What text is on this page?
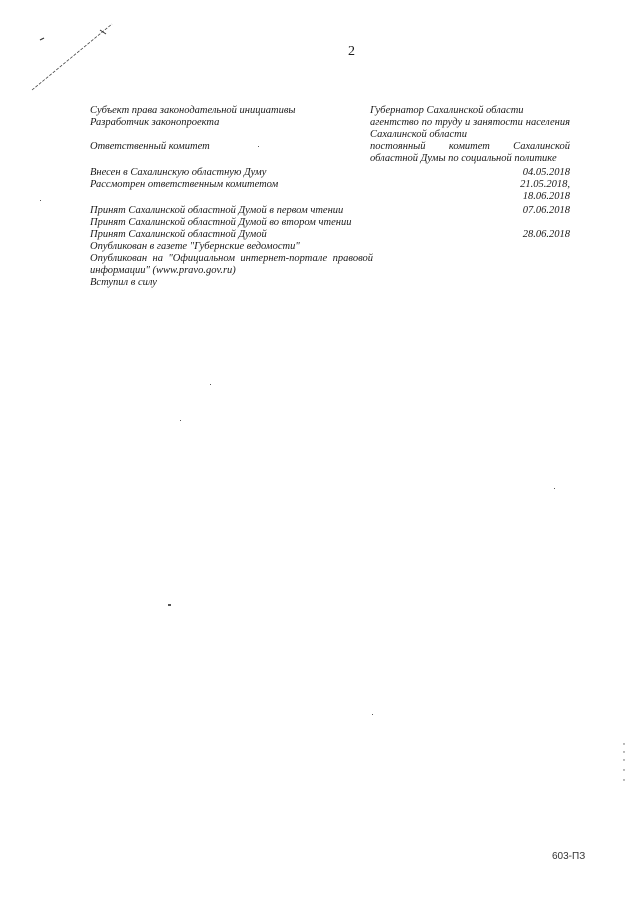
2
Субъект права законодательной инициативы	Губернатор Сахалинской области
Разработчик законопроекта	агентство по труду и занятости населения Сахалинской области
Ответственный комитет	постоянный комитет Сахалинской областной Думы по социальной политике
Внесен в Сахалинскую областную Думу	04.05.2018
Рассмотрен ответственным комитетом	21.05.2018,
18.06.2018
Принят Сахалинской областной Думой в первом чтении	07.06.2018
Принят Сахалинской областной Думой во втором чтении
Принят Сахалинской областной Думой	28.06.2018
Опубликован в газете "Губернские ведомости"
Опубликован на "Официальном интернет-портале правовой информации" (www.pravo.gov.ru)
Вступил в силу
603-ПЗ
